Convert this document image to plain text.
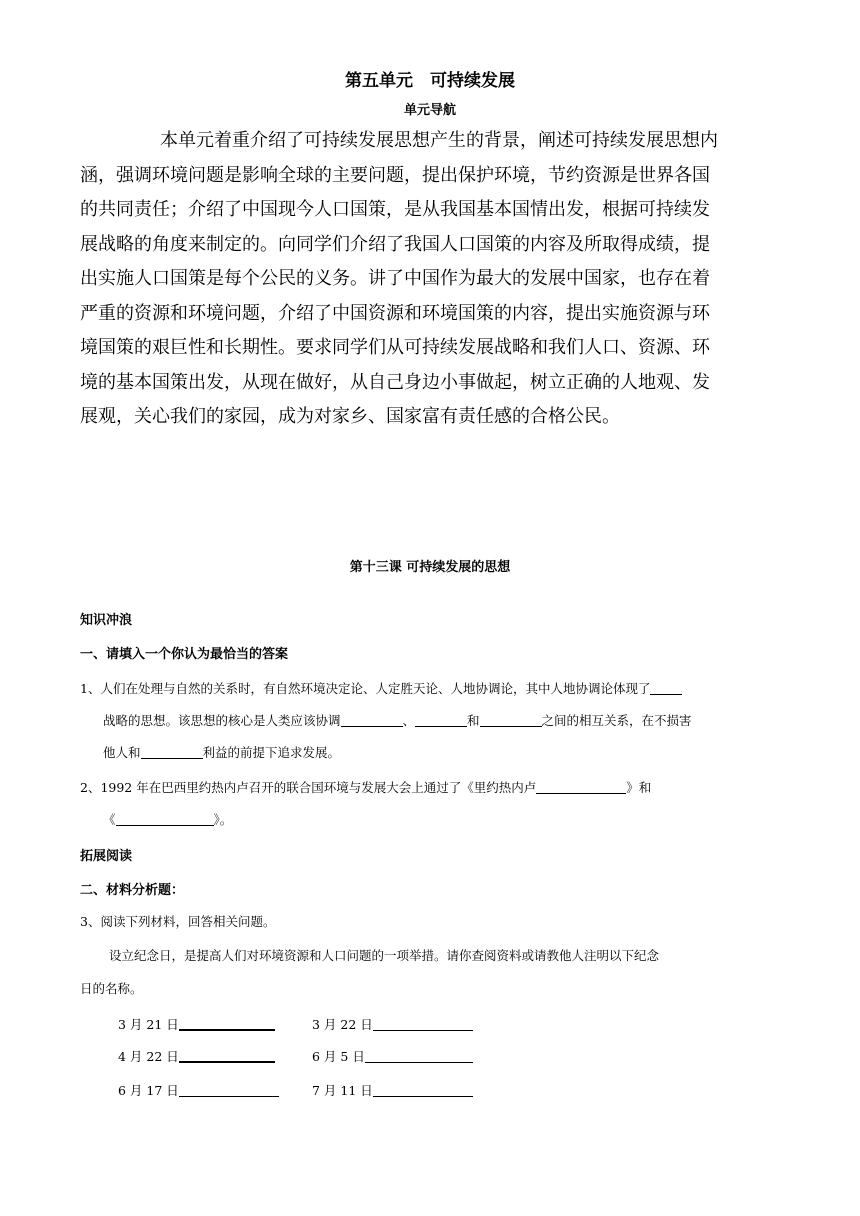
第五单元　可持续发展
单元导航
本单元着重介绍了可持续发展思想产生的背景，阐述可持续发展思想内
涵，强调环境问题是影响全球的主要问题，提出保护环境，节约资源是世界各国
的共同责任；介绍了中国现今人口国策，是从我国基本国情出发，根据可持续发
展战略的角度来制定的。向同学们介绍了我国人口国策的内容及所取得成绩，提
出实施人口国策是每个公民的义务。讲了中国作为最大的发展中国家，也存在着
严重的资源和环境问题，介绍了中国资源和环境国策的内容，提出实施资源与环
境国策的艰巨性和长期性。要求同学们从可持续发展战略和我们人口、资源、环
境的基本国策出发，从现在做好，从自己身边小事做起，树立正确的人地观、发
展观，关心我们的家园，成为对家乡、国家富有责任感的合格公民。
第十三课 可持续发展的思想
知识冲浪
一、请填入一个你认为最恰当的答案
1、人们在处理与自然的关系时，有自然环境决定论、人定胜天论、人地协调论，其中人地协调论体现了
战略的思想。该思想的核心是人类应该协调	、	和	之间的相互关系，在不损害
他人和	利益的前提下追求发展。
2、1992 年在巴西里约热内卢召开的联合国环境与发展大会上通过了《里约热内卢	》和
《	》。
拓展阅读
二、材料分析题：
3、阅读下列材料，回答相关问题。
设立纪念日，是提高人们对环境资源和人口问题的一项举措。请你查阅资料或请教他人注明以下纪念
日的名称。
3 月 21 日	3 月 22 日
4 月 22 日	6 月 5 日
6 月 17 日	7 月 11 日
